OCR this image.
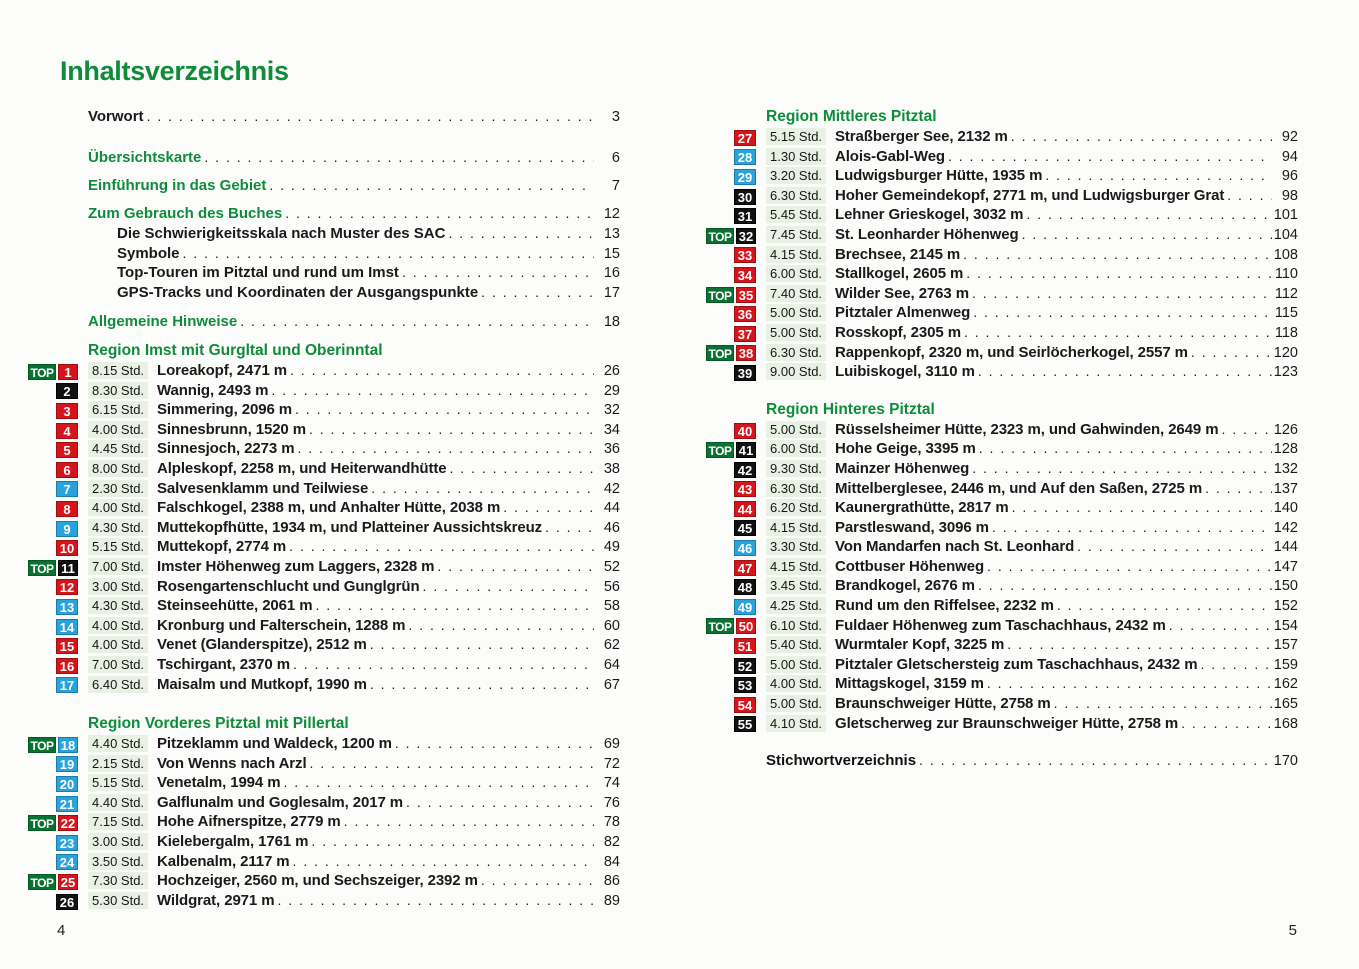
Inhaltsverzeichnis
Vorwort . . .	3
Übersichtskarte . . .	6
Einführung in das Gebiet . . .	7
Zum Gebrauch des Buches . . .	12
Die Schwierigkeitsskala nach Muster des SAC . . .	13
Symbole . . .	15
Top-Touren im Pitztal und rund um Imst . . .	16
GPS-Tracks und Koordinaten der Ausgangspunkte . . .	17
Allgemeine Hinweise . . .	18
Region Imst mit Gurgltal und Oberinntal
TOP 1	8.15 Std. Loreakopf, 2471 m . . .	26
2	8.30 Std. Wannig, 2493 m . . .	29
3	6.15 Std. Simmering, 2096 m . . .	32
4	4.00 Std. Sinnesbrunn, 1520 m . . .	34
5	4.45 Std. Sinnesjoch, 2273 m . . .	36
6	8.00 Std. Alpleskopf, 2258 m, und Heiterwandhütte . . .	38
7	2.30 Std. Salvesenklamm und Teilwiese . . .	42
8	4.00 Std. Falschkogel, 2388 m, und Anhalter Hütte, 2038 m . . .	44
9	4.30 Std. Muttekopfhütte, 1934 m, und Platteiner Aussichtskreuz . . .	46
10	5.15 Std. Muttekopf, 2774 m . . .	49
TOP 11	7.00 Std. Imster Höhenweg zum Laggers, 2328 m . . .	52
12	3.00 Std. Rosengartenschlucht und Gunglgrün . . .	56
13	4.30 Std. Steinseehütte, 2061 m . . .	58
14	4.00 Std. Kronburg und Falterschein, 1288 m . . .	60
15	4.00 Std. Venet (Glanderspitze), 2512 m . . .	62
16	7.00 Std. Tschirgant, 2370 m . . .	64
17	6.40 Std. Maisalm und Mutkopf, 1990 m . . .	67
Region Vorderes Pitztal mit Pillertal
TOP 18	4.40 Std. Pitzeklamm und Waldeck, 1200 m . . .	69
19	2.15 Std. Von Wenns nach Arzl . . .	72
20	5.15 Std. Venetalm, 1994 m . . .	74
21	4.40 Std. Galflunalm und Goglesalm, 2017 m . . .	76
TOP 22	7.15 Std. Hohe Aifnerspitze, 2779 m . . .	78
23	3.00 Std. Kielebergalm, 1761 m . . .	82
24	3.50 Std. Kalbenalm, 2117 m . . .	84
TOP 25	7.30 Std. Hochzeiger, 2560 m, und Sechszeiger, 2392 m . . .	86
26	5.30 Std. Wildgrat, 2971 m . . .	89
Region Mittleres Pitztal
27	5.15 Std. Straßberger See, 2132 m . . .	92
28	1.30 Std. Alois-Gabl-Weg . . .	94
29	3.20 Std. Ludwigsburger Hütte, 1935 m . . .	96
30	6.30 Std. Hoher Gemeindekopf, 2771 m, und Ludwigsburger Grat . . .	98
31	5.45 Std. Lehner Grieskogel, 3032 m . . .	101
TOP 32	7.45 Std. St. Leonharder Höhenweg . . .	104
33	4.15 Std. Brechsee, 2145 m . . .	108
34	6.00 Std. Stallkogel, 2605 m . . .	110
TOP 35	7.40 Std. Wilder See, 2763 m . . .	112
36	5.00 Std. Pitztaler Almenweg . . .	115
37	5.00 Std. Rosskopf, 2305 m . . .	118
TOP 38	6.30 Std. Rappenkopf, 2320 m, und Seirlöcherkogel, 2557 m . . .	120
39	9.00 Std. Luibiskogel, 3110 m . . .	123
Region Hinteres Pitztal
40	5.00 Std. Rüsselsheimer Hütte, 2323 m, und Gahwinden, 2649 m . . .	126
TOP 41	6.00 Std. Hohe Geige, 3395 m . . .	128
42	9.30 Std. Mainzer Höhenweg . . .	132
43	6.30 Std. Mittelberglesee, 2446 m, und Auf den Saßen, 2725 m . . .	137
44	6.20 Std. Kaunergrathütte, 2817 m . . .	140
45	4.15 Std. Parstleswand, 3096 m . . .	142
46	3.30 Std. Von Mandarfen nach St. Leonhard . . .	144
47	4.15 Std. Cottbuser Höhenweg . . .	147
48	3.45 Std. Brandkogel, 2676 m . . .	150
49	4.25 Std. Rund um den Riffelsee, 2232 m . . .	152
TOP 50	6.10 Std. Fuldaer Höhenweg zum Taschachhaus, 2432 m . . .	154
51	5.40 Std. Wurmtaler Kopf, 3225 m . . .	157
52	5.00 Std. Pitztaler Gletschersteig zum Taschachhaus, 2432 m . . .	159
53	4.00 Std. Mittagskogel, 3159 m . . .	162
54	5.00 Std. Braunschweiger Hütte, 2758 m . . .	165
55	4.10 Std. Gletscherweg zur Braunschweiger Hütte, 2758 m . . .	168
Stichwortverzeichnis . . .	170
4	5
